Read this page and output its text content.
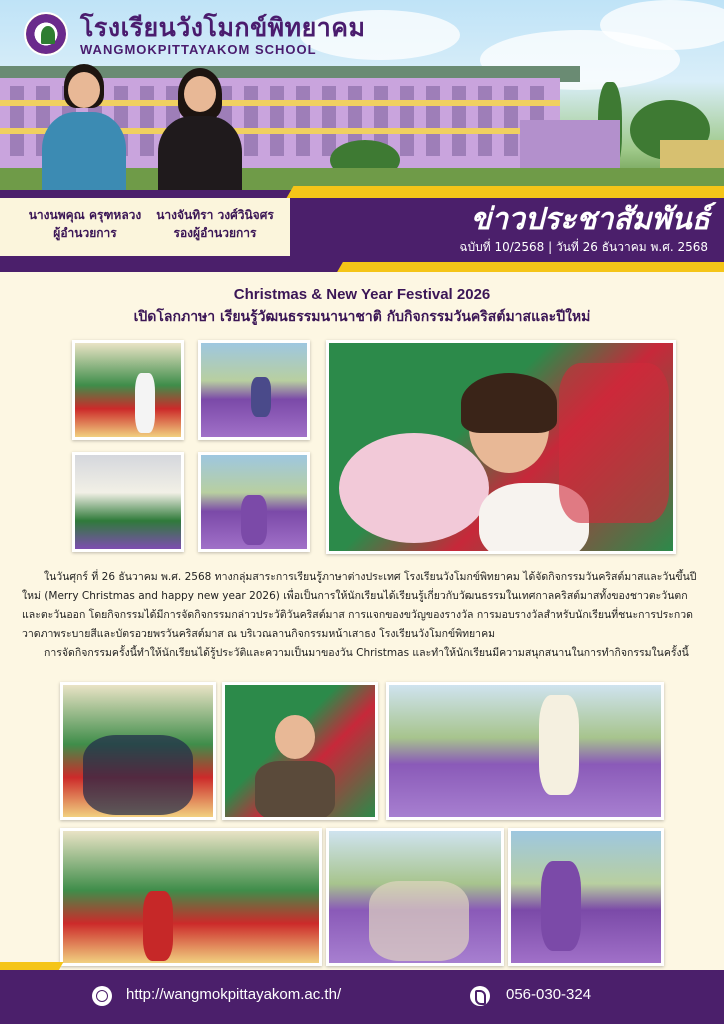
โรงเรียนวังโมกข์พิทยาคม
WANGMOKPITTAYAKOM SCHOOL
นางนพคุณ ครุฑหลวง
ผู้อำนวยการ
นางจันทิรา วงศ์วินิจศร
รองผู้อำนวยการ	ข่าวประชาสัมพันธ์
ฉบับที่ 10/2568 | วันที่ 26 ธันวาคม พ.ศ. 2568
Christmas & New Year Festival 2026
เปิดโลกภาษา เรียนรู้วัฒนธรรมนานาชาติ กับกิจกรรมวันคริสต์มาสและปีใหม่

ในวันศุกร์ ที่ 26 ธันวาคม พ.ศ. 2568 ทางกลุ่มสาระการเรียนรู้ภาษาต่างประเทศ โรงเรียนวังโมกข์พิทยาคม ได้จัดกิจกรรมวันคริสต์มาสและวันขึ้นปีใหม่ (Merry Christmas and happy new year 2026) เพื่อเป็นการให้นักเรียนได้เรียนรู้เกี่ยวกับวัฒนธรรมในเทศกาลคริสต์มาสทั้งของชาวตะวันตกและตะวันออก โดยกิจกรรมได้มีการจัดกิจกรรมกล่าวประวัติวันคริสต์มาส การแจกของขวัญของรางวัล การมอบรางวัลสำหรับนักเรียนที่ชนะการประกวดวาดภาพระบายสีและบัตรอวยพรวันคริสต์มาส ณ บริเวณลานกิจกรรมหน้าเสาธง โรงเรียนวังโมกข์พิทยาคม

การจัดกิจกรรมครั้งนี้ทำให้นักเรียนได้รู้ประวัติและความเป็นมาของวัน Christmas และทำให้นักเรียนมีความสนุกสนานในการทำกิจกรรมในครั้งนี้

http://wangmokpittayakom.ac.th/	056-030-324
